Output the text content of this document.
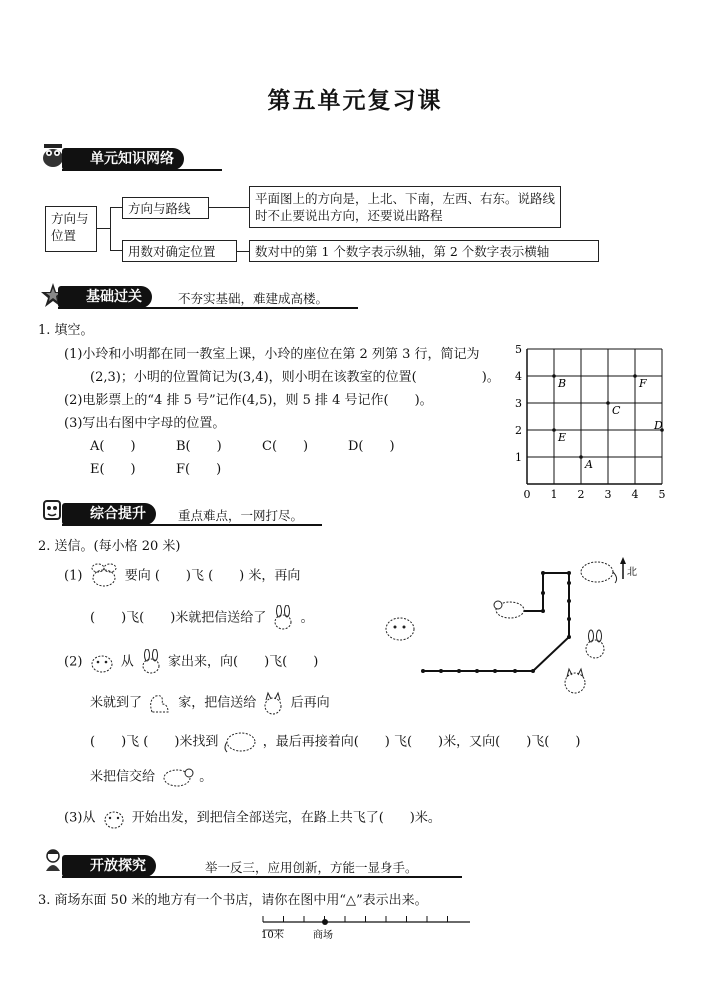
第五单元复习课
单元知识网络
方向与位置
方向与路线
平面图上的方向是，上北、下南，左西、右东。说路线
时不止要说出方向，还要说出路程
用数对确定位置	数对中的第 1 个数字表示纵轴，第 2 个数字表示横轴
基础过关	不夯实基础，难建成高楼。
1. 填空。
(1)小玲和小明都在同一教室上课，小玲的座位在第 2 列第 3 行，简记为
(2,3)；小明的位置简记为(3,4)，则小明在该教室的位置(　　　　　)。
(2)电影票上的“4 排 5 号”记作(4,5)，则 5 排 4 号记作(　　)。
(3)写出右图中字母的位置。
A(　　)	B(　　)	C(　　)	D(　　)
E(　　)	F(　　)
0 1 2 3 4 5
1
2
3
4
5
A
B
C
D
E
F
综合提升	重点难点，一网打尽。
2. 送信。(每小格 20 米)
(1)	要向 (　　)飞 (　　) 米，再向
(　　)飞(　　)米就把信送给了	。
(2)	从	家出来，向(　　)飞(　　)
米就到了	家，把信送给	后再向
(　　)飞 (　　)米找到	，最后再接着向(　　) 飞(　　)米，又向(　　)飞(　　)
米把信交给	。
(3)从	开始出发，到把信全部送完，在路上共飞了(　　)米。
北
开放探究	举一反三，应用创新，方能一显身手。
3. 商场东面 50 米的地方有一个书店，请你在图中用“△”表示出来。
10米	商场
